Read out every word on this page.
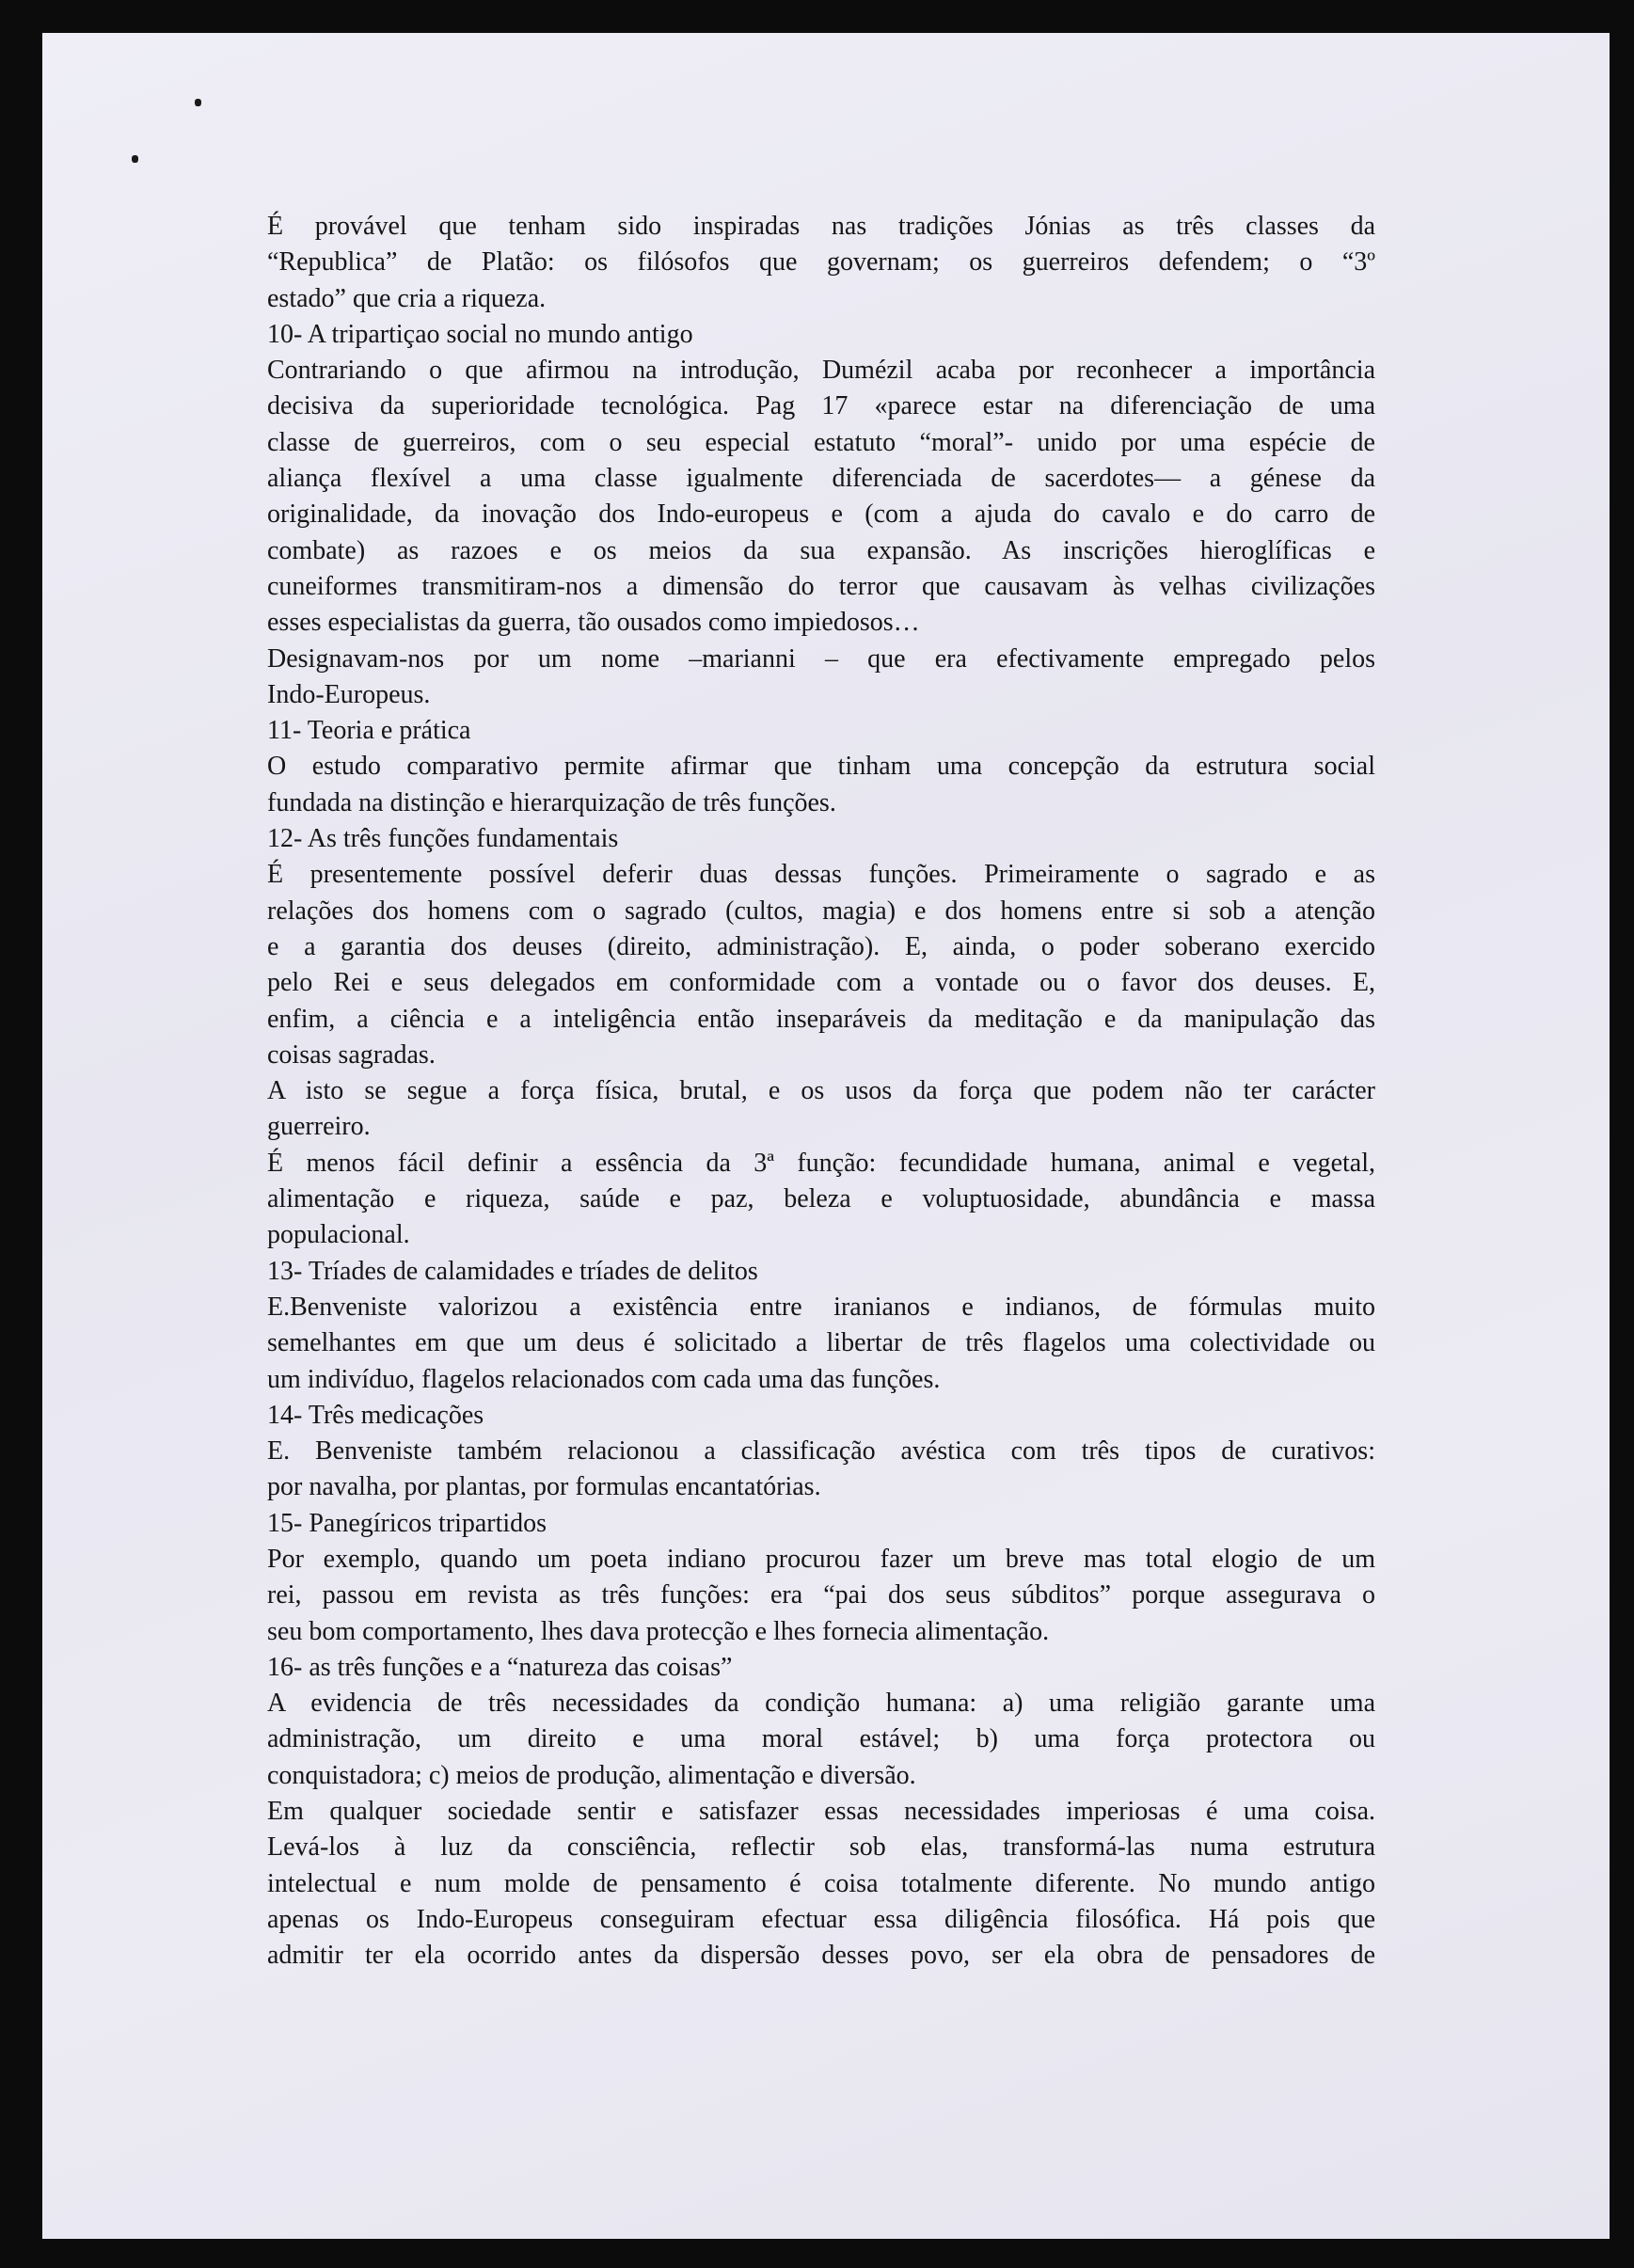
É provável que tenham sido inspiradas nas tradições Jónias as três classes da
“Republica” de Platão: os filósofos que governam; os guerreiros defendem; o “3º
estado” que cria a riqueza.
10- A tripartiçao social no mundo antigo
Contrariando o que afirmou na introdução, Dumézil acaba por reconhecer a importância
decisiva da superioridade tecnológica. Pag 17 «parece estar na diferenciação de uma
classe de guerreiros, com o seu especial estatuto “moral”- unido por uma espécie de
aliança flexível a uma classe igualmente diferenciada de sacerdotes— a génese da
originalidade, da inovação dos Indo-europeus e (com a ajuda do cavalo e do carro de
combate) as razoes e os meios da sua expansão. As inscrições hieroglíficas e
cuneiformes transmitiram-nos a dimensão do terror que causavam às velhas civilizações
esses especialistas da guerra, tão ousados como impiedosos…
Designavam-nos por um nome –marianni – que era efectivamente empregado pelos
Indo-Europeus.
11- Teoria e prática
O estudo comparativo permite afirmar que tinham uma concepção da estrutura social
fundada na distinção e hierarquização de três funções.
12- As três funções fundamentais
É presentemente possível deferir duas dessas funções. Primeiramente o sagrado e as
relações dos homens com o sagrado (cultos, magia) e dos homens entre si sob a atenção
e a garantia dos deuses (direito, administração). E, ainda, o poder soberano exercido
pelo Rei e seus delegados em conformidade com a vontade ou o favor dos deuses. E,
enfim, a ciência e a inteligência então inseparáveis da meditação e da manipulação das
coisas sagradas.
A isto se segue a força física, brutal, e os usos da força que podem não ter carácter
guerreiro.
É menos fácil definir a essência da 3ª função: fecundidade humana, animal e vegetal,
alimentação e riqueza, saúde e paz, beleza e voluptuosidade, abundância e massa
populacional.
13- Tríades de calamidades e tríades de delitos
E.Benveniste valorizou a existência entre iranianos e indianos, de fórmulas muito
semelhantes em que um deus é solicitado a libertar de três flagelos uma colectividade ou
um indivíduo, flagelos relacionados com cada uma das funções.
14- Três medicações
E. Benveniste também relacionou a classificação avéstica com três tipos de curativos:
por navalha, por plantas, por formulas encantatórias.
15- Panegíricos tripartidos
Por exemplo, quando um poeta indiano procurou fazer um breve mas total elogio de um
rei, passou em revista as três funções: era “pai dos seus súbditos” porque assegurava o
seu bom comportamento, lhes dava protecção e lhes fornecia alimentação.
16- as três funções e a “natureza das coisas”
A evidencia de três necessidades da condição humana: a) uma religião garante uma
administração, um direito e uma moral estável; b) uma força protectora ou
conquistadora; c) meios de produção, alimentação e diversão.
Em qualquer sociedade sentir e satisfazer essas necessidades imperiosas é uma coisa.
Levá-los à luz da consciência, reflectir sob elas, transformá-las numa estrutura
intelectual e num molde de pensamento é coisa totalmente diferente. No mundo antigo
apenas os Indo-Europeus conseguiram efectuar essa diligência filosófica. Há pois que
admitir ter ela ocorrido antes da dispersão desses povo, ser ela obra de pensadores de
